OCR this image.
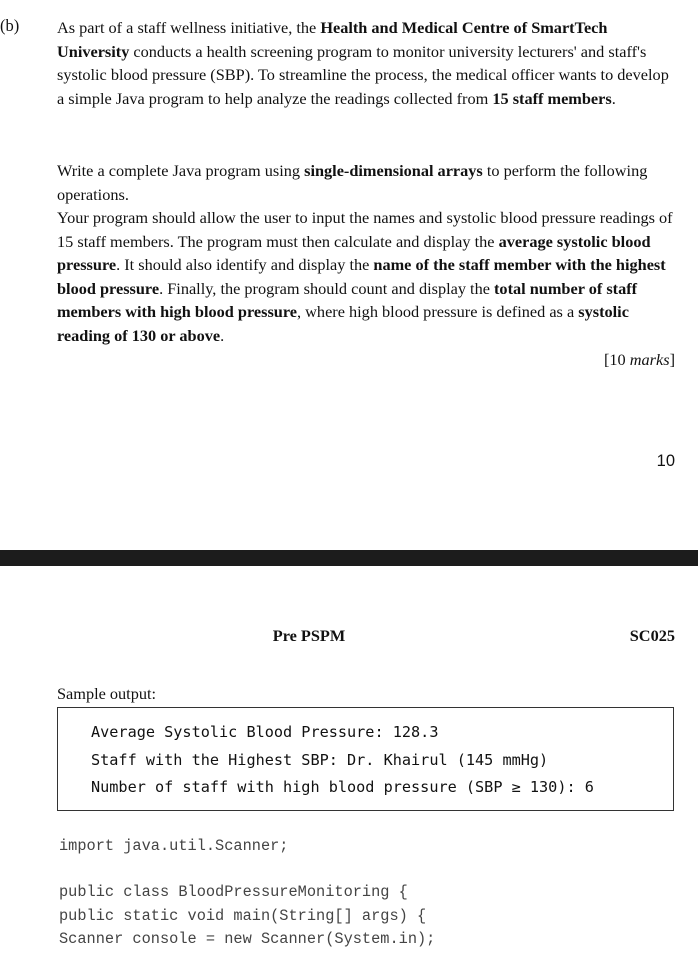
(b) As part of a staff wellness initiative, the Health and Medical Centre of SmartTech University conducts a health screening program to monitor university lecturers' and staff's systolic blood pressure (SBP). To streamline the process, the medical officer wants to develop a simple Java program to help analyze the readings collected from 15 staff members.
Write a complete Java program using single-dimensional arrays to perform the following operations.
Your program should allow the user to input the names and systolic blood pressure readings of 15 staff members. The program must then calculate and display the average systolic blood pressure. It should also identify and display the name of the staff member with the highest blood pressure. Finally, the program should count and display the total number of staff members with high blood pressure, where high blood pressure is defined as a systolic reading of 130 or above.
[10 marks]
10
Pre PSPM	SC025
Sample output:
Average Systolic Blood Pressure: 128.3
Staff with the Highest SBP: Dr. Khairul (145 mmHg)
Number of staff with high blood pressure (SBP ≥ 130): 6
import java.util.Scanner;
public class BloodPressureMonitoring {
public static void main(String[] args) {
Scanner console = new Scanner(System.in);
